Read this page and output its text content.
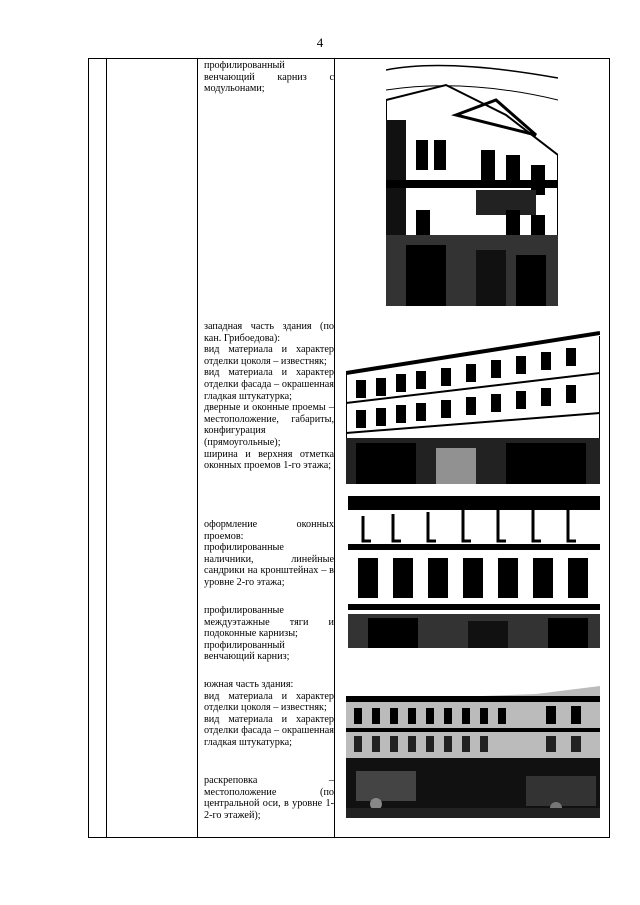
4

профилированный венчающий карниз с модульонами;

западная часть здания (по кан. Грибоедова):

вид материала и характер отделки цоколя – известняк;

вид материала и характер отделки фасада – окрашенная гладкая штукатурка;

дверные и оконные проемы – местоположение, габариты, конфигурация (прямоугольные);

ширина и верхняя отметка оконных проемов 1-го этажа;

оформление оконных проемов:

профилированные наличники, линейные сандрики на кронштейнах – в уровне 2-го этажа;

профилированные междуэтажные тяги и подоконные карнизы;

профилированный венчающий карниз;

южная часть здания:

вид материала и характер отделки цоколя – известняк;

вид материала и характер отделки фасада – окрашенная гладкая штукатурка;

раскреповка – местоположение (по центральной оси, в уровне 1-2-го этажей);
